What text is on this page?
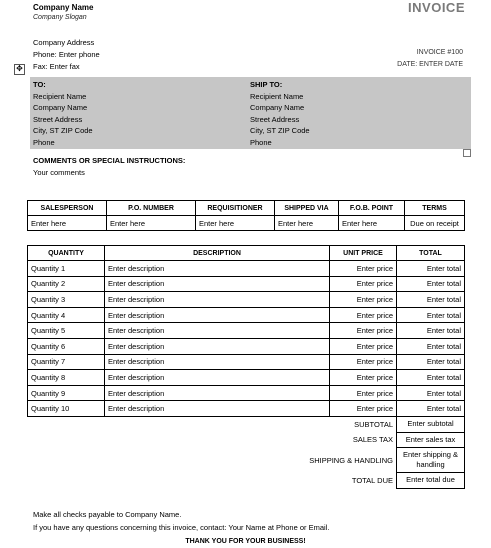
Company Name
Company Slogan
INVOICE
Company Address
Phone: Enter phone
Fax: Enter fax
INVOICE #100
DATE: ENTER DATE
✥
TO:
Recipient Name
Company Name
Street Address
City, ST ZIP Code
Phone
SHIP TO:
Recipient Name
Company Name
Street Address
City, ST ZIP Code
Phone
COMMENTS OR SPECIAL INSTRUCTIONS:
Your comments
SALESPERSON	P.O. NUMBER	REQUISITIONER	SHIPPED VIA	F.O.B. POINT	TERMS
Enter here	Enter here	Enter here	Enter here	Enter here	Due on receipt
QUANTITY	DESCRIPTION	UNIT PRICE	TOTAL
Quantity 1	Enter description	Enter price	Enter total
Quantity 2	Enter description	Enter price	Enter total
Quantity 3	Enter description	Enter price	Enter total
Quantity 4	Enter description	Enter price	Enter total
Quantity 5	Enter description	Enter price	Enter total
Quantity 6	Enter description	Enter price	Enter total
Quantity 7	Enter description	Enter price	Enter total
Quantity 8	Enter description	Enter price	Enter total
Quantity 9	Enter description	Enter price	Enter total
Quantity 10	Enter description	Enter price	Enter total
	SUBTOTAL		Enter subtotal
	SALES TAX		Enter sales tax
	SHIPPING & HANDLING		Enter shipping & handling
	TOTAL DUE		Enter total due
Make all checks payable to Company Name.
If you have any questions concerning this invoice, contact: Your Name at Phone or Email.
THANK YOU FOR YOUR BUSINESS!
